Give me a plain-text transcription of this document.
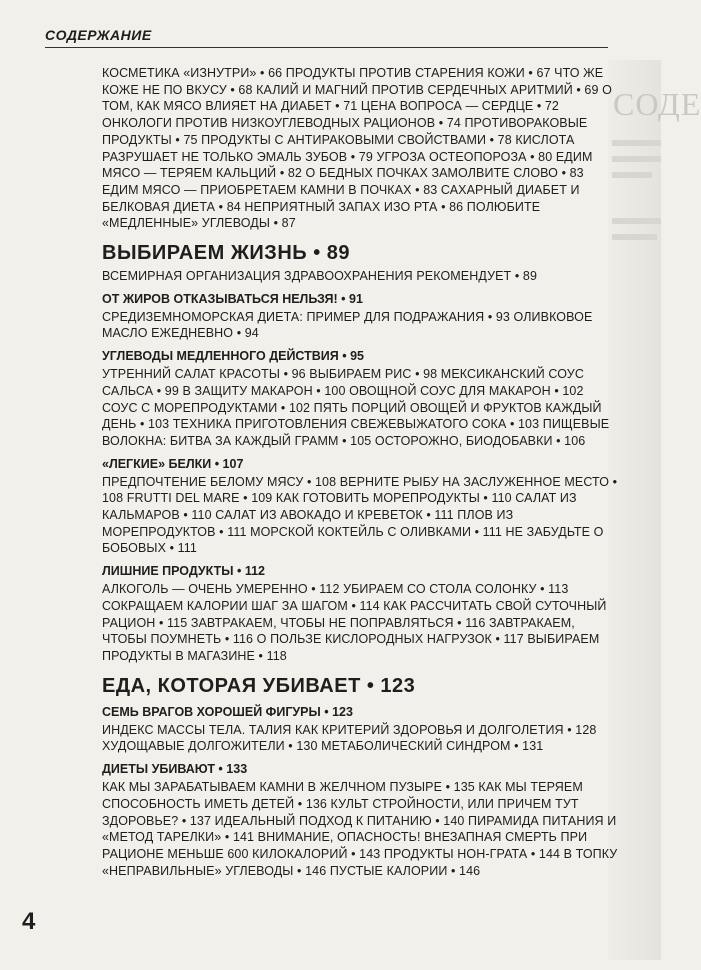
СОДЕ
СОДЕРЖАНИЕ

КОСМЕТИКА «ИЗНУТРИ» • 66 ПРОДУКТЫ ПРОТИВ СТАРЕНИЯ КОЖИ • 67 ЧТО ЖЕ КОЖЕ НЕ ПО ВКУСУ • 68 КАЛИЙ И МАГНИЙ ПРОТИВ СЕРДЕЧНЫХ АРИТМИЙ • 69 О ТОМ, КАК МЯСО ВЛИЯЕТ НА ДИАБЕТ • 71 ЦЕНА ВОПРОСА — СЕРДЦЕ • 72 ОНКОЛОГИ ПРОТИВ НИЗКОУГЛЕВОДНЫХ РАЦИОНОВ • 74 ПРОТИВОРАКОВЫЕ ПРОДУКТЫ • 75 ПРОДУКТЫ С АНТИРАКОВЫМИ СВОЙСТВАМИ • 78 КИСЛОТА РАЗРУШАЕТ НЕ ТОЛЬКО ЭМАЛЬ ЗУБОВ • 79 УГРОЗА ОСТЕОПОРОЗА • 80 ЕДИМ МЯСО — ТЕРЯЕМ КАЛЬЦИЙ • 82 О БЕДНЫХ ПОЧКАХ ЗАМОЛВИТЕ СЛОВО • 83 ЕДИМ МЯСО — ПРИОБРЕТАЕМ КАМНИ В ПОЧКАХ • 83 САХАРНЫЙ ДИАБЕТ И БЕЛКОВАЯ ДИЕТА • 84 НЕПРИЯТНЫЙ ЗАПАХ ИЗО РТА • 86 ПОЛЮБИТЕ «МЕДЛЕННЫЕ» УГЛЕВОДЫ • 87

ВЫБИРАЕМ ЖИЗНЬ • 89

ВСЕМИРНАЯ ОРГАНИЗАЦИЯ ЗДРАВООХРАНЕНИЯ РЕКОМЕНДУЕТ • 89

ОТ ЖИРОВ ОТКАЗЫВАТЬСЯ НЕЛЬЗЯ! • 91

СРЕДИЗЕМНОМОРСКАЯ ДИЕТА: ПРИМЕР ДЛЯ ПОДРАЖАНИЯ • 93 ОЛИВКОВОЕ МАСЛО ЕЖЕДНЕВНО • 94

УГЛЕВОДЫ МЕДЛЕННОГО ДЕЙСТВИЯ • 95

УТРЕННИЙ САЛАТ КРАСОТЫ • 96 ВЫБИРАЕМ РИС • 98 МЕКСИКАНСКИЙ СОУС САЛЬСА • 99 В ЗАЩИТУ МАКАРОН • 100 ОВОЩНОЙ СОУС ДЛЯ МАКАРОН • 102 СОУС С МОРЕПРОДУКТАМИ • 102 ПЯТЬ ПОРЦИЙ ОВОЩЕЙ И ФРУКТОВ КАЖДЫЙ ДЕНЬ • 103 ТЕХНИКА ПРИГОТОВЛЕНИЯ СВЕЖЕВЫЖАТОГО СОКА • 103 ПИЩЕВЫЕ ВОЛОКНА: БИТВА ЗА КАЖДЫЙ ГРАММ • 105 ОСТОРОЖНО, БИОДОБАВКИ • 106

«ЛЕГКИЕ» БЕЛКИ • 107

ПРЕДПОЧТЕНИЕ БЕЛОМУ МЯСУ • 108 ВЕРНИТЕ РЫБУ НА ЗАСЛУЖЕННОЕ МЕСТО • 108 FRUTTI DEL MARE • 109 КАК ГОТОВИТЬ МОРЕПРОДУКТЫ • 110 САЛАТ ИЗ КАЛЬМАРОВ • 110 САЛАТ ИЗ АВОКАДО И КРЕВЕТОК • 111 ПЛОВ ИЗ МОРЕПРОДУКТОВ • 111 МОРСКОЙ КОКТЕЙЛЬ С ОЛИВКАМИ • 111 НЕ ЗАБУДЬТЕ О БОБОВЫХ • 111

ЛИШНИЕ ПРОДУКТЫ • 112

АЛКОГОЛЬ — ОЧЕНЬ УМЕРЕННО • 112 УБИРАЕМ СО СТОЛА СОЛОНКУ • 113 СОКРАЩАЕМ КАЛОРИИ ШАГ ЗА ШАГОМ • 114 КАК РАССЧИТАТЬ СВОЙ СУТОЧНЫЙ РАЦИОН • 115 ЗАВТРАКАЕМ, ЧТОБЫ НЕ ПОПРАВЛЯТЬСЯ • 116 ЗАВТРАКАЕМ, ЧТОБЫ ПОУМНЕТЬ • 116 О ПОЛЬЗЕ КИСЛОРОДНЫХ НАГРУЗОК • 117 ВЫБИРАЕМ ПРОДУКТЫ В МАГАЗИНЕ • 118

ЕДА, КОТОРАЯ УБИВАЕТ • 123
СЕМЬ ВРАГОВ ХОРОШЕЙ ФИГУРЫ • 123

ИНДЕКС МАССЫ ТЕЛА. ТАЛИЯ КАК КРИТЕРИЙ ЗДОРОВЬЯ И ДОЛГОЛЕТИЯ • 128 ХУДОЩАВЫЕ ДОЛГОЖИТЕЛИ • 130 МЕТАБОЛИЧЕСКИЙ СИНДРОМ • 131

ДИЕТЫ УБИВАЮТ • 133

КАК МЫ ЗАРАБАТЫВАЕМ КАМНИ В ЖЕЛЧНОМ ПУЗЫРЕ • 135 КАК МЫ ТЕРЯЕМ СПОСОБНОСТЬ ИМЕТЬ ДЕТЕЙ • 136 КУЛЬТ СТРОЙНОСТИ, ИЛИ ПРИЧЕМ ТУТ ЗДОРОВЬЕ? • 137 ИДЕАЛЬНЫЙ ПОДХОД К ПИТАНИЮ • 140 ПИРАМИДА ПИТАНИЯ И «МЕТОД ТАРЕЛКИ» • 141 ВНИМАНИЕ, ОПАСНОСТЬ! ВНЕЗАПНАЯ СМЕРТЬ ПРИ РАЦИОНЕ МЕНЬШЕ 600 КИЛОКАЛОРИЙ • 143 ПРОДУКТЫ НОН-ГРАТА • 144 В ТОПКУ «НЕПРАВИЛЬНЫЕ» УГЛЕВОДЫ • 146 ПУСТЫЕ КАЛОРИИ • 146

4
